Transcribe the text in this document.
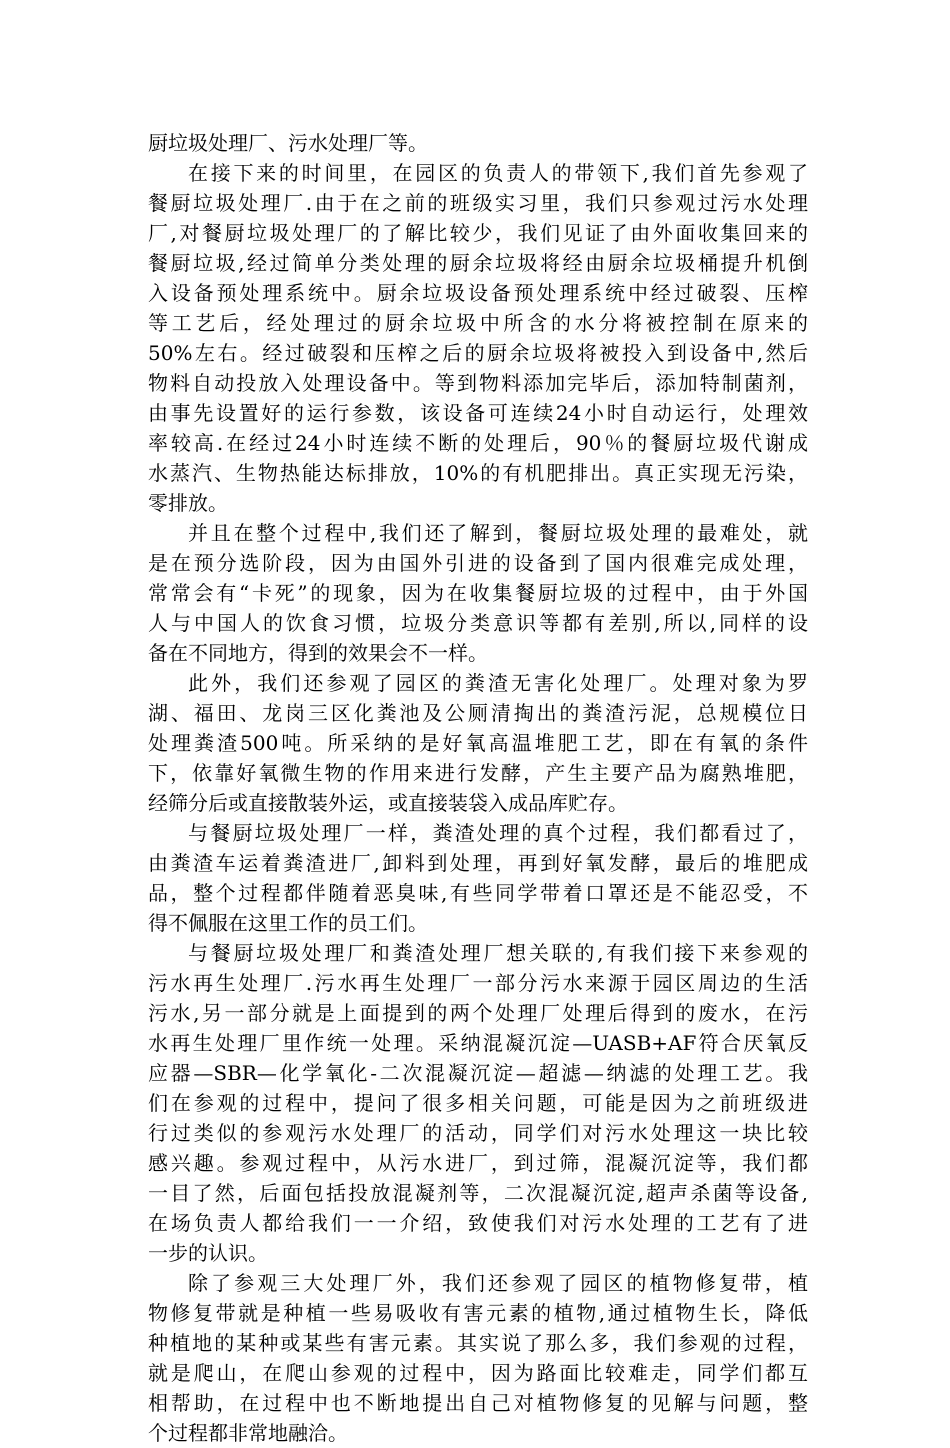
厨垃圾处理厂、污水处理厂等。
在接下来的时间里，在园区的负责人的带领下,我们首先参观了
餐厨垃圾处理厂.由于在之前的班级实习里，我们只参观过污水处理
厂,对餐厨垃圾处理厂的了解比较少，我们见证了由外面收集回来的
餐厨垃圾,经过简单分类处理的厨余垃圾将经由厨余垃圾桶提升机倒
入设备预处理系统中。厨余垃圾设备预处理系统中经过破裂、压榨
等工艺后，经处理过的厨余垃圾中所含的水分将被控制在原来的
50%左右。经过破裂和压榨之后的厨余垃圾将被投入到设备中,然后
物料自动投放入处理设备中。等到物料添加完毕后，添加特制菌剂，
由事先设置好的运行参数，该设备可连续24小时自动运行，处理效
率较高.在经过24小时连续不断的处理后，90％的餐厨垃圾代谢成
水蒸汽、生物热能达标排放，10%的有机肥排出。真正实现无污染，
零排放。
并且在整个过程中,我们还了解到，餐厨垃圾处理的最难处，就
是在预分选阶段，因为由国外引进的设备到了国内很难完成处理，
常常会有“卡死”的现象，因为在收集餐厨垃圾的过程中，由于外国
人与中国人的饮食习惯，垃圾分类意识等都有差别,所以,同样的设
备在不同地方，得到的效果会不一样。
此外，我们还参观了园区的粪渣无害化处理厂。处理对象为罗
湖、福田、龙岗三区化粪池及公厕清掏出的粪渣污泥，总规模位日
处理粪渣500吨。所采纳的是好氧高温堆肥工艺，即在有氧的条件
下，依靠好氧微生物的作用来进行发酵，产生主要产品为腐熟堆肥，
经筛分后或直接散装外运，或直接装袋入成品库贮存。
与餐厨垃圾处理厂一样，粪渣处理的真个过程，我们都看过了，
由粪渣车运着粪渣进厂,卸料到处理，再到好氧发酵，最后的堆肥成
品，整个过程都伴随着恶臭味,有些同学带着口罩还是不能忍受，不
得不佩服在这里工作的员工们。
与餐厨垃圾处理厂和粪渣处理厂想关联的,有我们接下来参观的
污水再生处理厂.污水再生处理厂一部分污水来源于园区周边的生活
污水,另一部分就是上面提到的两个处理厂处理后得到的废水，在污
水再生处理厂里作统一处理。采纳混凝沉淀—UASB+AF符合厌氧反
应器—SBR—化学氧化-二次混凝沉淀—超滤—纳滤的处理工艺。我
们在参观的过程中，提问了很多相关问题，可能是因为之前班级进
行过类似的参观污水处理厂的活动，同学们对污水处理这一块比较
感兴趣。参观过程中，从污水进厂，到过筛，混凝沉淀等，我们都
一目了然，后面包括投放混凝剂等，二次混凝沉淀,超声杀菌等设备,
在场负责人都给我们一一介绍，致使我们对污水处理的工艺有了进
一步的认识。
除了参观三大处理厂外，我们还参观了园区的植物修复带，植
物修复带就是种植一些易吸收有害元素的植物,通过植物生长，降低
种植地的某种或某些有害元素。其实说了那么多，我们参观的过程，
就是爬山，在爬山参观的过程中，因为路面比较难走，同学们都互
相帮助，在过程中也不断地提出自己对植物修复的见解与问题，整
个过程都非常地融洽。
